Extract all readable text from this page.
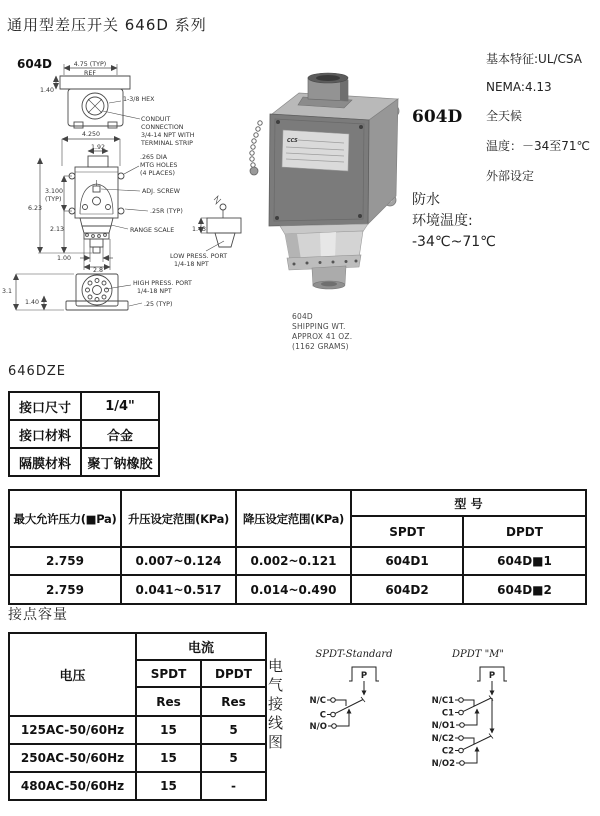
通用型差压开关 646D 系列
604D	4.75 (TYP)
REF
1.40
1-3/8 HEX
CONDUIT
CONNECTION
3/4-14 NPT WITH
TERMINAL STRIP
4.250
1.92
.265 DIA
MTG HOLES
(4 PLACES)
3.100
(TYP)
ADJ. SCREW
6.23	.25R (TYP)
2.13	RANGE SCALE	1.43
LOW PRESS. PORT
1/4-18 NPT
1.00
2.8
HIGH PRESS. PORT
1/4-18 NPT
3.1
1.40	.25 (TYP)
CCS
604D
SHIPPING WT.
APPROX 41 OZ.
(1162 GRAMS)
604D
基本特征:UL/CSA
NEMA:4.13
全天候
温度：－34至71℃
外部设定
防水
环境温度:
-34℃~71℃
646DZE
接口尺寸	1/4"
接口材料	合金
隔膜材料	聚丁钠橡胶
最大允许压力(■Pa)	升压设定范围(KPa)	降压设定范围(KPa)	型 号	
			SPDT	DPDT
2.759	0.007~0.124	0.002~0.121	604D1	604D■1
2.759	0.041~0.517	0.014~0.490	604D2	604D■2
接点容量
电压	电流	
	SPDT	DPDT
	Res	Res
125AC-50/60Hz	15	5
250AC-50/60Hz	15	5
480AC-50/60Hz	15	-
电气接线图
SPDT-Standard	DPDT "M"
P
N/C
C
N/O
P
N/C1
C1
N/O1
N/C2
C2
N/O2
